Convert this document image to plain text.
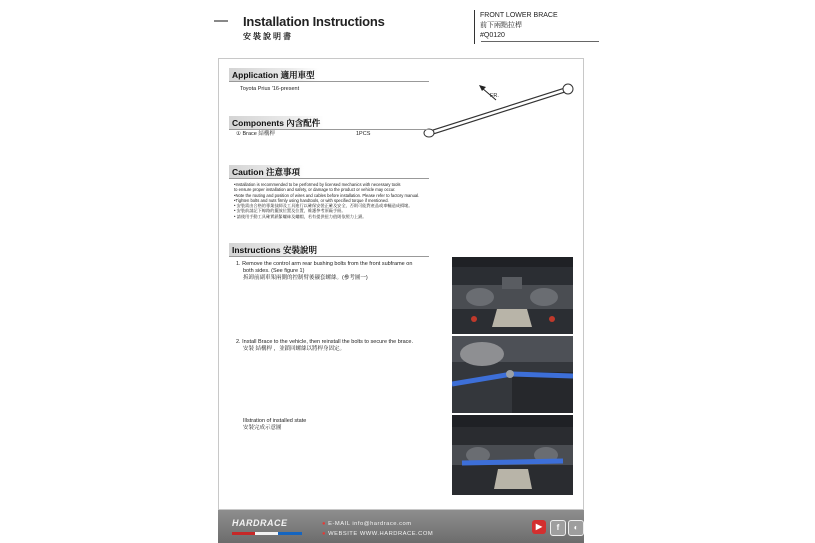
Installation Instructions
安裝說明書
FRONT LOWER BRACE
前下兩點拉桿
#Q0120
Application 適用車型
Toyota Prius '16-present
FR.
Components 內含配件
① Brace 結構桿	1PCS
Caution 注意事項
•Installation is recommended to be performed by licensed mechanics with necessary tools
to ensure proper installation and safety, or damage to the product or vehicle may occur.
•Note the routing and position of wires and cables before installation. Please refer to factory manual.
•Tighten bolts and nuts firmly using handtools, or with specified torque if mentioned.
• 安裝需由合格的專業技師及工具進行以確保安裝正確及安全，否則可能對產品或車輛造成損壞。
• 安裝前請記下線路的擺放位置及位置，維護參考原廠手冊。
• 請使用手動工具確實鎖緊螺絲及螺帽，若有提供扭力值則依照力上鎖。
Instructions 安裝說明
1. Remove the control arm rear bushing bolts from the front subframe on
both sides. (See figure 1)
拆卸前副車架兩側的控制臂後襯套螺絲。(參考圖一)
2. Install Brace to the vehicle, then reinstall the bolts to secure the brace.
安裝 結構桿 ，並鎖回螺絲以將桿身固定。
Illstration of installed state
安裝完成示意圖
HARDRACE	● E-MAIL info@hardrace.com
● WEBSITE WWW.HARDRACE.COM
▶	f	◐
